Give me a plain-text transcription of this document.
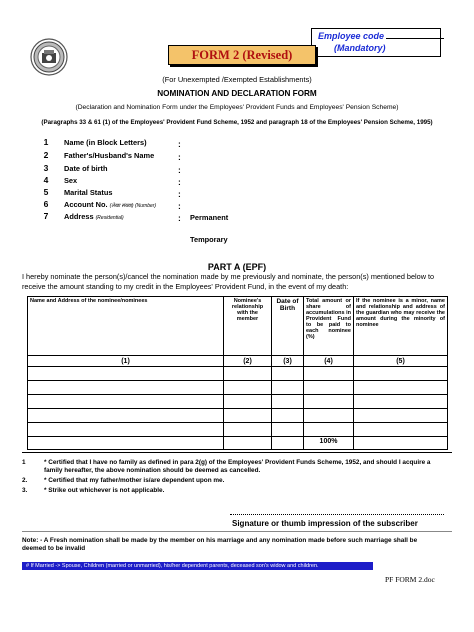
Employee code
(Mandatory)
FORM 2 (Revised)
(For Unexempted /Exempted Establishments)
NOMINATION AND DECLARATION FORM
(Declaration and Nomination Form under the Employees' Provident Funds and Employees' Pension Scheme)
(Paragraphs 33 & 61 (1) of the Employees' Provident Fund Scheme, 1952 and paragraph 18 of the Employees' Pension Scheme, 1995)
1	Name (in Block Letters)	:
2	Father's/Husband's Name	:
3	Date of birth	:
4	Sex	:
5	Marital Status	:
6	Account No. (लेखा संख्या) (Number)	:
7	Address (Residential)	: Permanent
Temporary
PART A (EPF)
I hereby nominate the person(s)/cancel the nomination made by me previously and nominate, the person(s) mentioned below to receive the amount standing to my credit in the Employees' Provident Fund, in the event of my death:
Name and Address of the nominee/nominees	Nominee's relationship with the member	Date of Birth	Total amount or share of accumulations in Provident Fund to be paid to each nominee (%)	If the nominee is a minor, name and relationship and address of the guardian who may receive the amount during the minority of nominee
(1)	(2)	(3)	(4)	(5)

			100%	
1	* Certified that I have no family as defined in para 2(g) of the Employees' Provident Funds Scheme, 1952, and should I acquire a family hereafter, the above nomination should be deemed as cancelled.
2.	* Certified that my father/mother is/are dependent upon me.
3.	* Strike out whichever is not applicable.
Signature or thumb impression of the subscriber
Note: - A Fresh nomination shall be made by the member on his marriage and any nomination made before such marriage shall be deemed to be invalid
# If Married -> Spouse, Children (married or unmarried), his/her dependent parents, deceased son's widow and children.
PF FORM 2.doc
